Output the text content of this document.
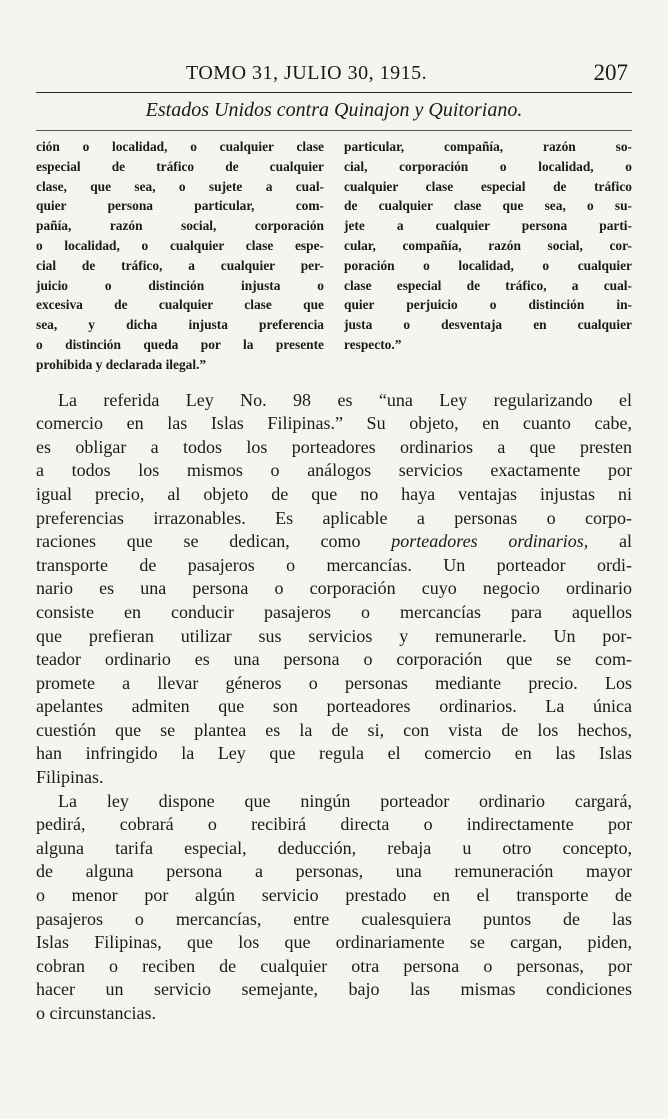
TOMO 31, JULIO 30, 1915.	207
Estados Unidos contra Quinajon y Quitoriano.
ción o localidad, o cualquier clase
especial de tráfico de cualquier
clase, que sea, o sujete a cual-
quier persona particular, com-
pañía, razón social, corporación
o localidad, o cualquier clase espe-
cial de tráfico, a cualquier per-
juicio o distinción injusta o
excesiva de cualquier clase que
sea, y dicha injusta preferencia
o distinción queda por la presente
prohibida y declarada ilegal.”
particular, compañía, razón so-
cial, corporación o localidad, o
cualquier clase especial de tráfico
de cualquier clase que sea, o su-
jete a cualquier persona parti-
cular, compañía, razón social, cor-
poración o localidad, o cualquier
clase especial de tráfico, a cual-
quier perjuicio o distinción in-
justa o desventaja en cualquier
respecto.”
La referida Ley No. 98 es “una Ley regularizando el
comercio en las Islas Filipinas.” Su objeto, en cuanto cabe,
es obligar a todos los porteadores ordinarios a que presten
a todos los mismos o análogos servicios exactamente por
igual precio, al objeto de que no haya ventajas injustas ni
preferencias irrazonables. Es aplicable a personas o corpo-
raciones que se dedican, como porteadores ordinarios, al
transporte de pasajeros o mercancías. Un porteador ordi-
nario es una persona o corporación cuyo negocio ordinario
consiste en conducir pasajeros o mercancías para aquellos
que prefieran utilizar sus servicios y remunerarle. Un por-
teador ordinario es una persona o corporación que se com-
promete a llevar géneros o personas mediante precio. Los
apelantes admiten que son porteadores ordinarios. La única
cuestión que se plantea es la de si, con vista de los hechos,
han infringido la Ley que regula el comercio en las Islas
Filipinas.
La ley dispone que ningún porteador ordinario cargará,
pedirá, cobrará o recibirá directa o indirectamente por
alguna tarifa especial, deducción, rebaja u otro concepto,
de alguna persona a personas, una remuneración mayor
o menor por algún servicio prestado en el transporte de
pasajeros o mercancías, entre cualesquiera puntos de las
Islas Filipinas, que los que ordinariamente se cargan, piden,
cobran o reciben de cualquier otra persona o personas, por
hacer un servicio semejante, bajo las mismas condiciones
o circunstancias.
